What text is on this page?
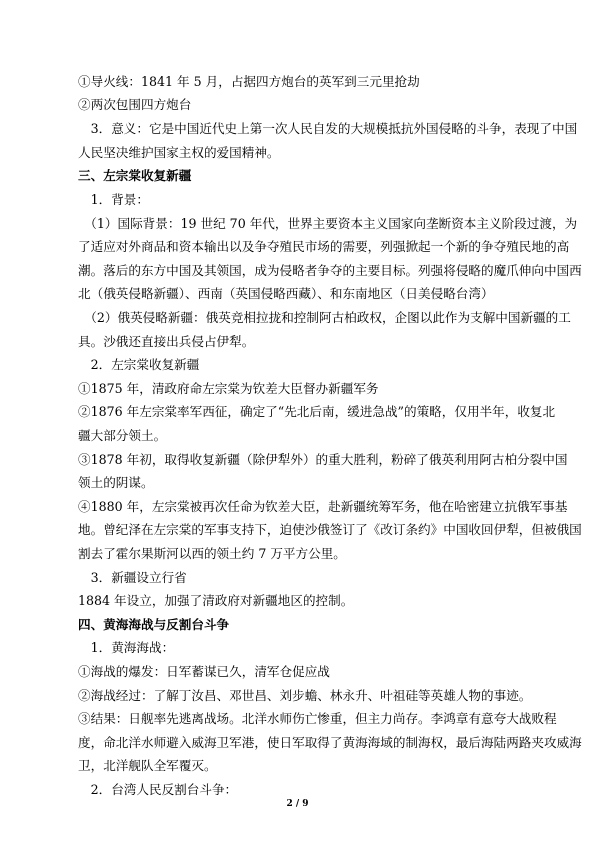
①导火线：1841 年 5 月，占据四方炮台的英军到三元里抢劫
②两次包围四方炮台
　3．意义：它是中国近代史上第一次人民自发的大规模抵抗外国侵略的斗争，表现了中国
人民坚决维护国家主权的爱国精神。
三、左宗棠收复新疆
　1．背景：
　（1）国际背景：19 世纪 70 年代，世界主要资本主义国家向垄断资本主义阶段过渡，为
了适应对外商品和资本输出以及争夺殖民市场的需要，列强掀起一个新的争夺殖民地的高
潮。落后的东方中国及其领国，成为侵略者争夺的主要目标。列强将侵略的魔爪伸向中国西
北（俄英侵略新疆）、西南（英国侵略西藏）、和东南地区（日美侵略台湾）
　（2）俄英侵略新疆：俄英竞相拉拢和控制阿古柏政权，企图以此作为支解中国新疆的工
具。沙俄还直接出兵侵占伊犁。
　2．左宗棠收复新疆
①1875 年，清政府命左宗棠为钦差大臣督办新疆军务
②1876 年左宗棠率军西征，确定了“先北后南，缓进急战”的策略，仅用半年，收复北
疆大部分领土。
③1878 年初，取得收复新疆（除伊犁外）的重大胜利，粉碎了俄英利用阿古柏分裂中国
领土的阴谋。
④1880 年，左宗棠被再次任命为钦差大臣，赴新疆统筹军务，他在哈密建立抗俄军事基
地。曾纪泽在左宗棠的军事支持下，迫使沙俄签订了《改订条约》中国收回伊犁，但被俄国
割去了霍尔果斯河以西的领土约 7 万平方公里。
　3．新疆设立行省
1884 年设立，加强了清政府对新疆地区的控制。
四、黄海海战与反割台斗争
　1．黄海海战：
①海战的爆发：日军蓄谋已久，清军仓促应战
②海战经过：了解丁汝昌、邓世昌、刘步蟾、林永升、叶祖硅等英雄人物的事迹。
③结果：日舰率先逃离战场。北洋水师伤亡惨重，但主力尚存。李鸿章有意夸大战败程
度，命北洋水师避入威海卫军港，使日军取得了黄海海域的制海权，最后海陆两路夹攻威海
卫，北洋舰队全军覆灭。
　2．台湾人民反割台斗争：
2 / 9
